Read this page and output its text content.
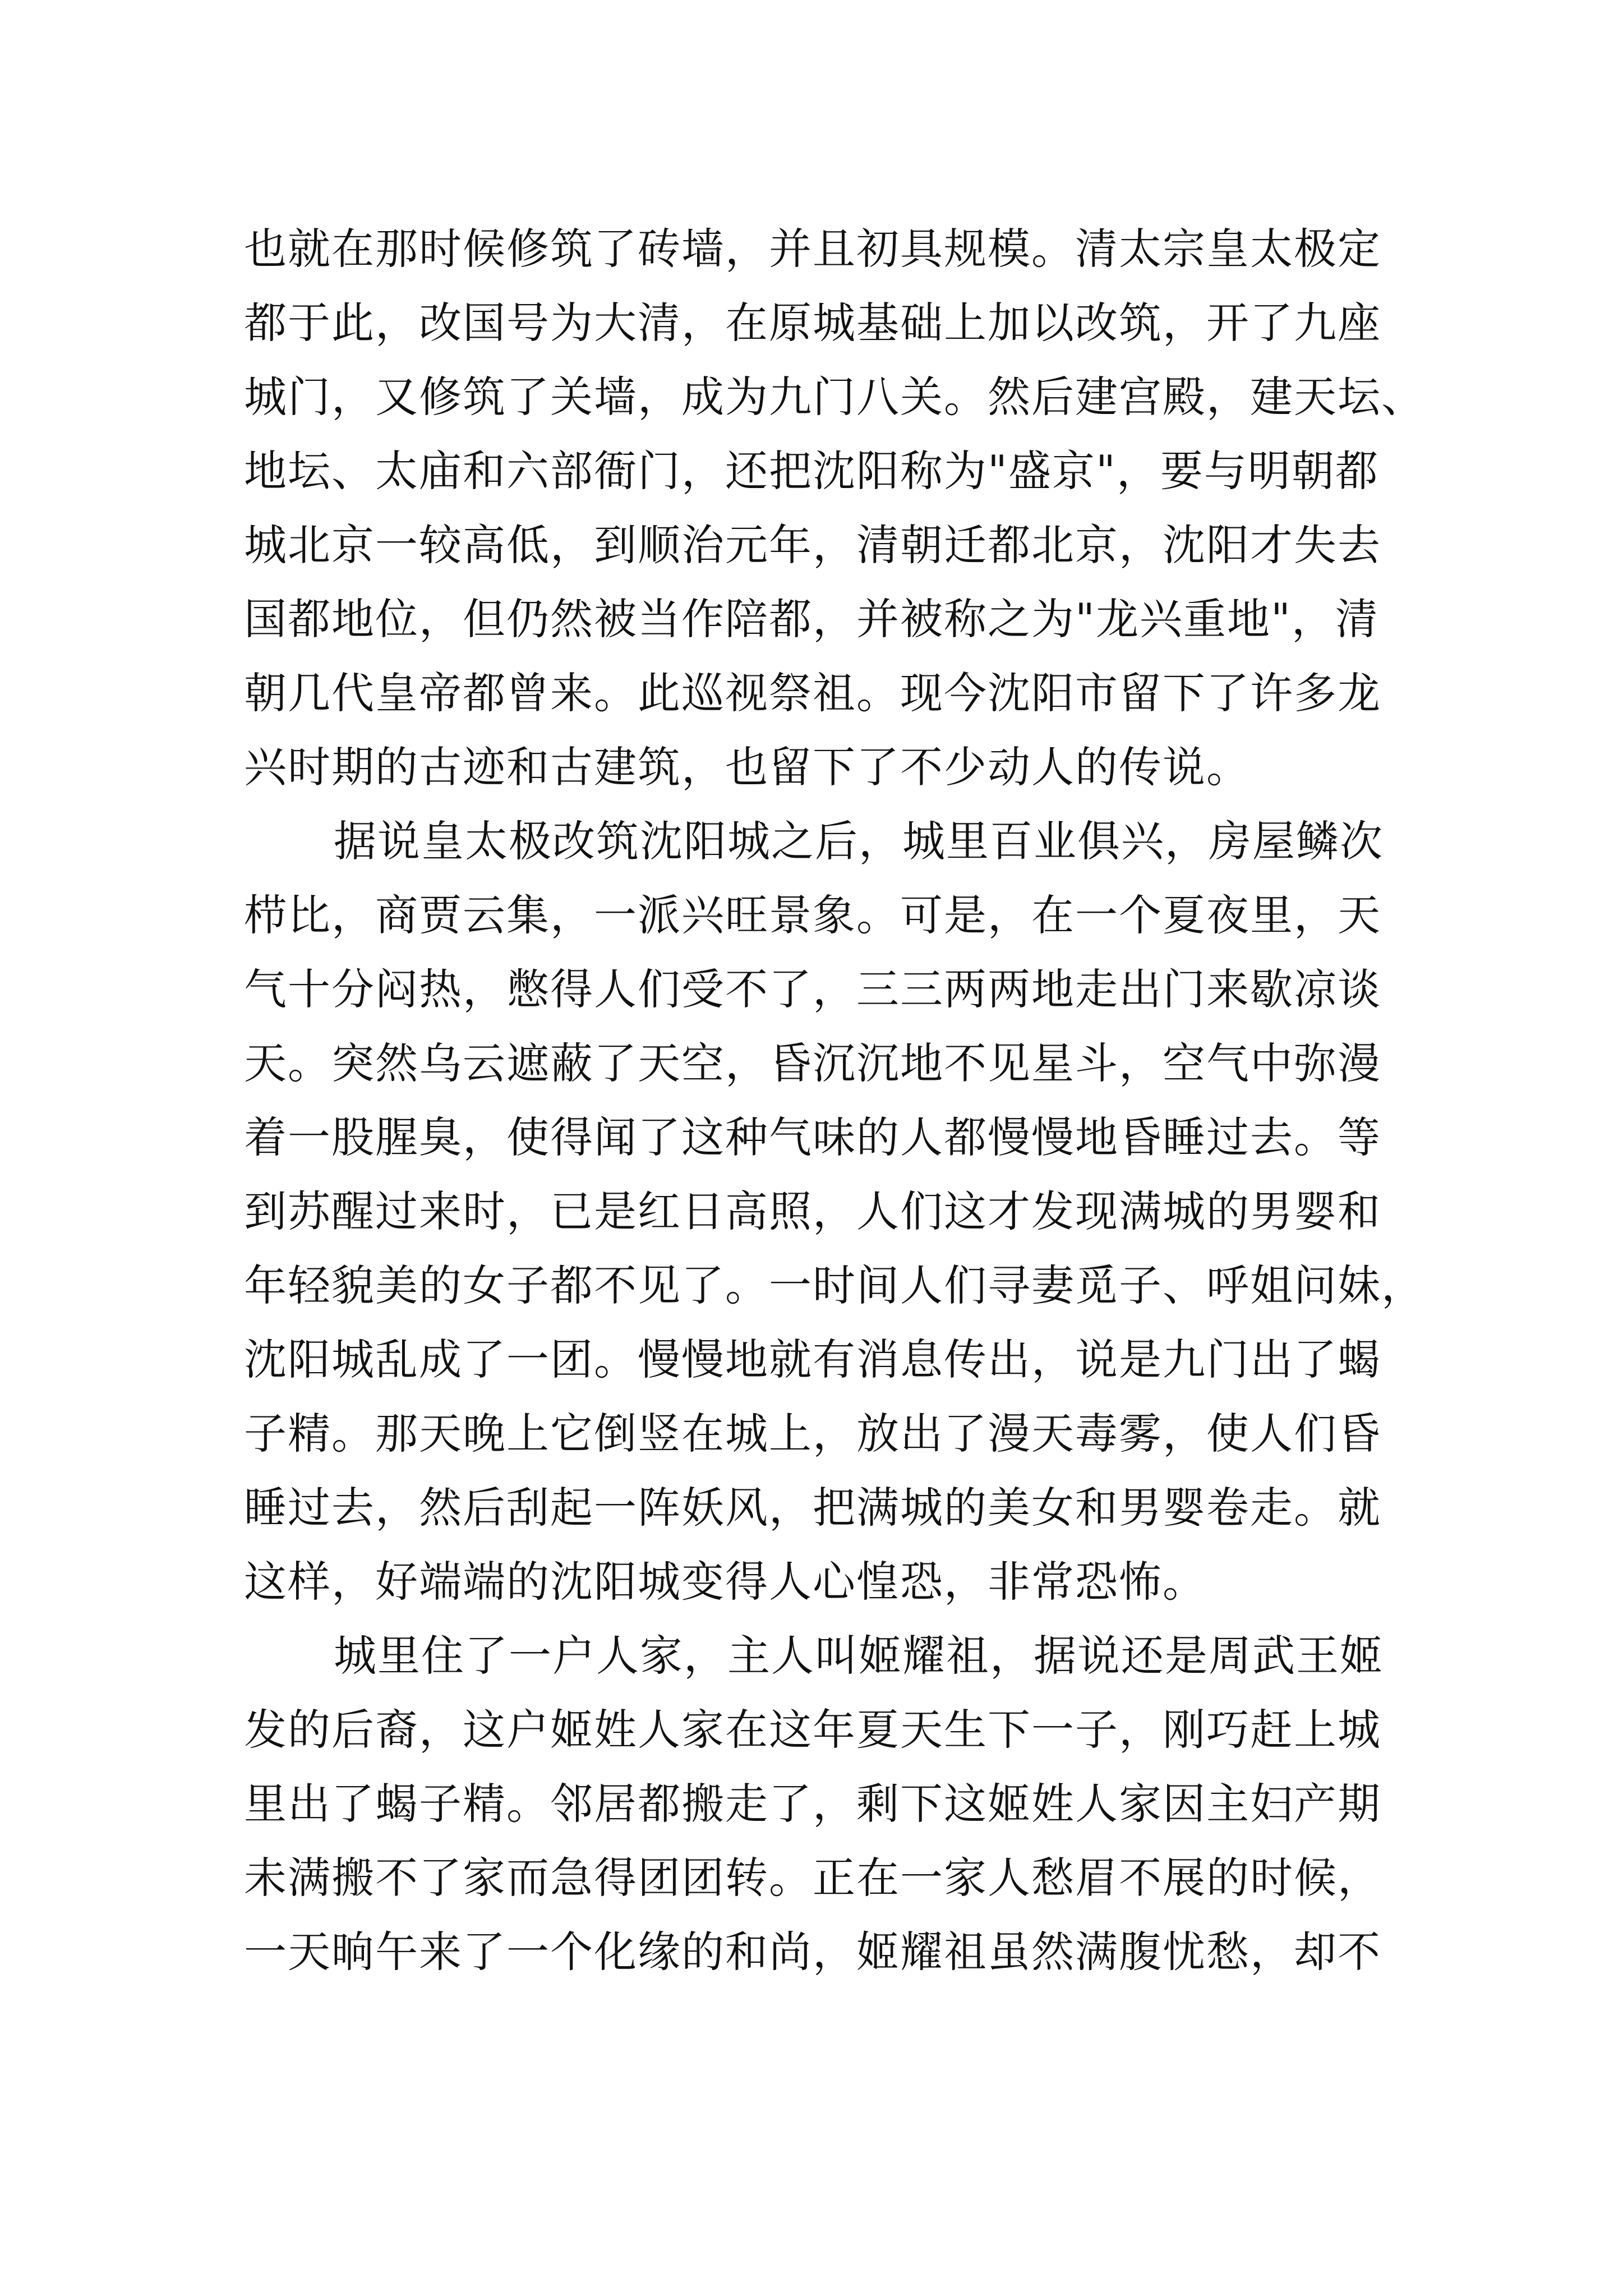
也就在那时候修筑了砖墙，并且初具规模。清太宗皇太极定
都于此，改国号为大清，在原城基础上加以改筑，开了九座
城门，又修筑了关墙，成为九门八关。然后建宫殿，建天坛、
地坛、太庙和六部衙门，还把沈阳称为"盛京"，要与明朝都
城北京一较高低，到顺治元年，清朝迁都北京，沈阳才失去
国都地位，但仍然被当作陪都，并被称之为"龙兴重地"，清
朝几代皇帝都曾来。此巡视祭祖。现今沈阳市留下了许多龙
兴时期的古迹和古建筑，也留下了不少动人的传说。
据说皇太极改筑沈阳城之后，城里百业俱兴，房屋鳞次
栉比，商贾云集，一派兴旺景象。可是，在一个夏夜里，天
气十分闷热，憋得人们受不了，三三两两地走出门来歇凉谈
天。突然乌云遮蔽了天空，昏沉沉地不见星斗，空气中弥漫
着一股腥臭，使得闻了这种气味的人都慢慢地昏睡过去。等
到苏醒过来时，已是红日高照，人们这才发现满城的男婴和
年轻貌美的女子都不见了。一时间人们寻妻觅子、呼姐问妹，
沈阳城乱成了一团。慢慢地就有消息传出，说是九门出了蝎
子精。那天晚上它倒竖在城上，放出了漫天毒雾，使人们昏
睡过去，然后刮起一阵妖风，把满城的美女和男婴卷走。就
这样，好端端的沈阳城变得人心惶恐，非常恐怖。
城里住了一户人家，主人叫姬耀祖，据说还是周武王姬
发的后裔，这户姬姓人家在这年夏天生下一子，刚巧赶上城
里出了蝎子精。邻居都搬走了，剩下这姬姓人家因主妇产期
未满搬不了家而急得团团转。正在一家人愁眉不展的时候，
一天晌午来了一个化缘的和尚，姬耀祖虽然满腹忧愁，却不
